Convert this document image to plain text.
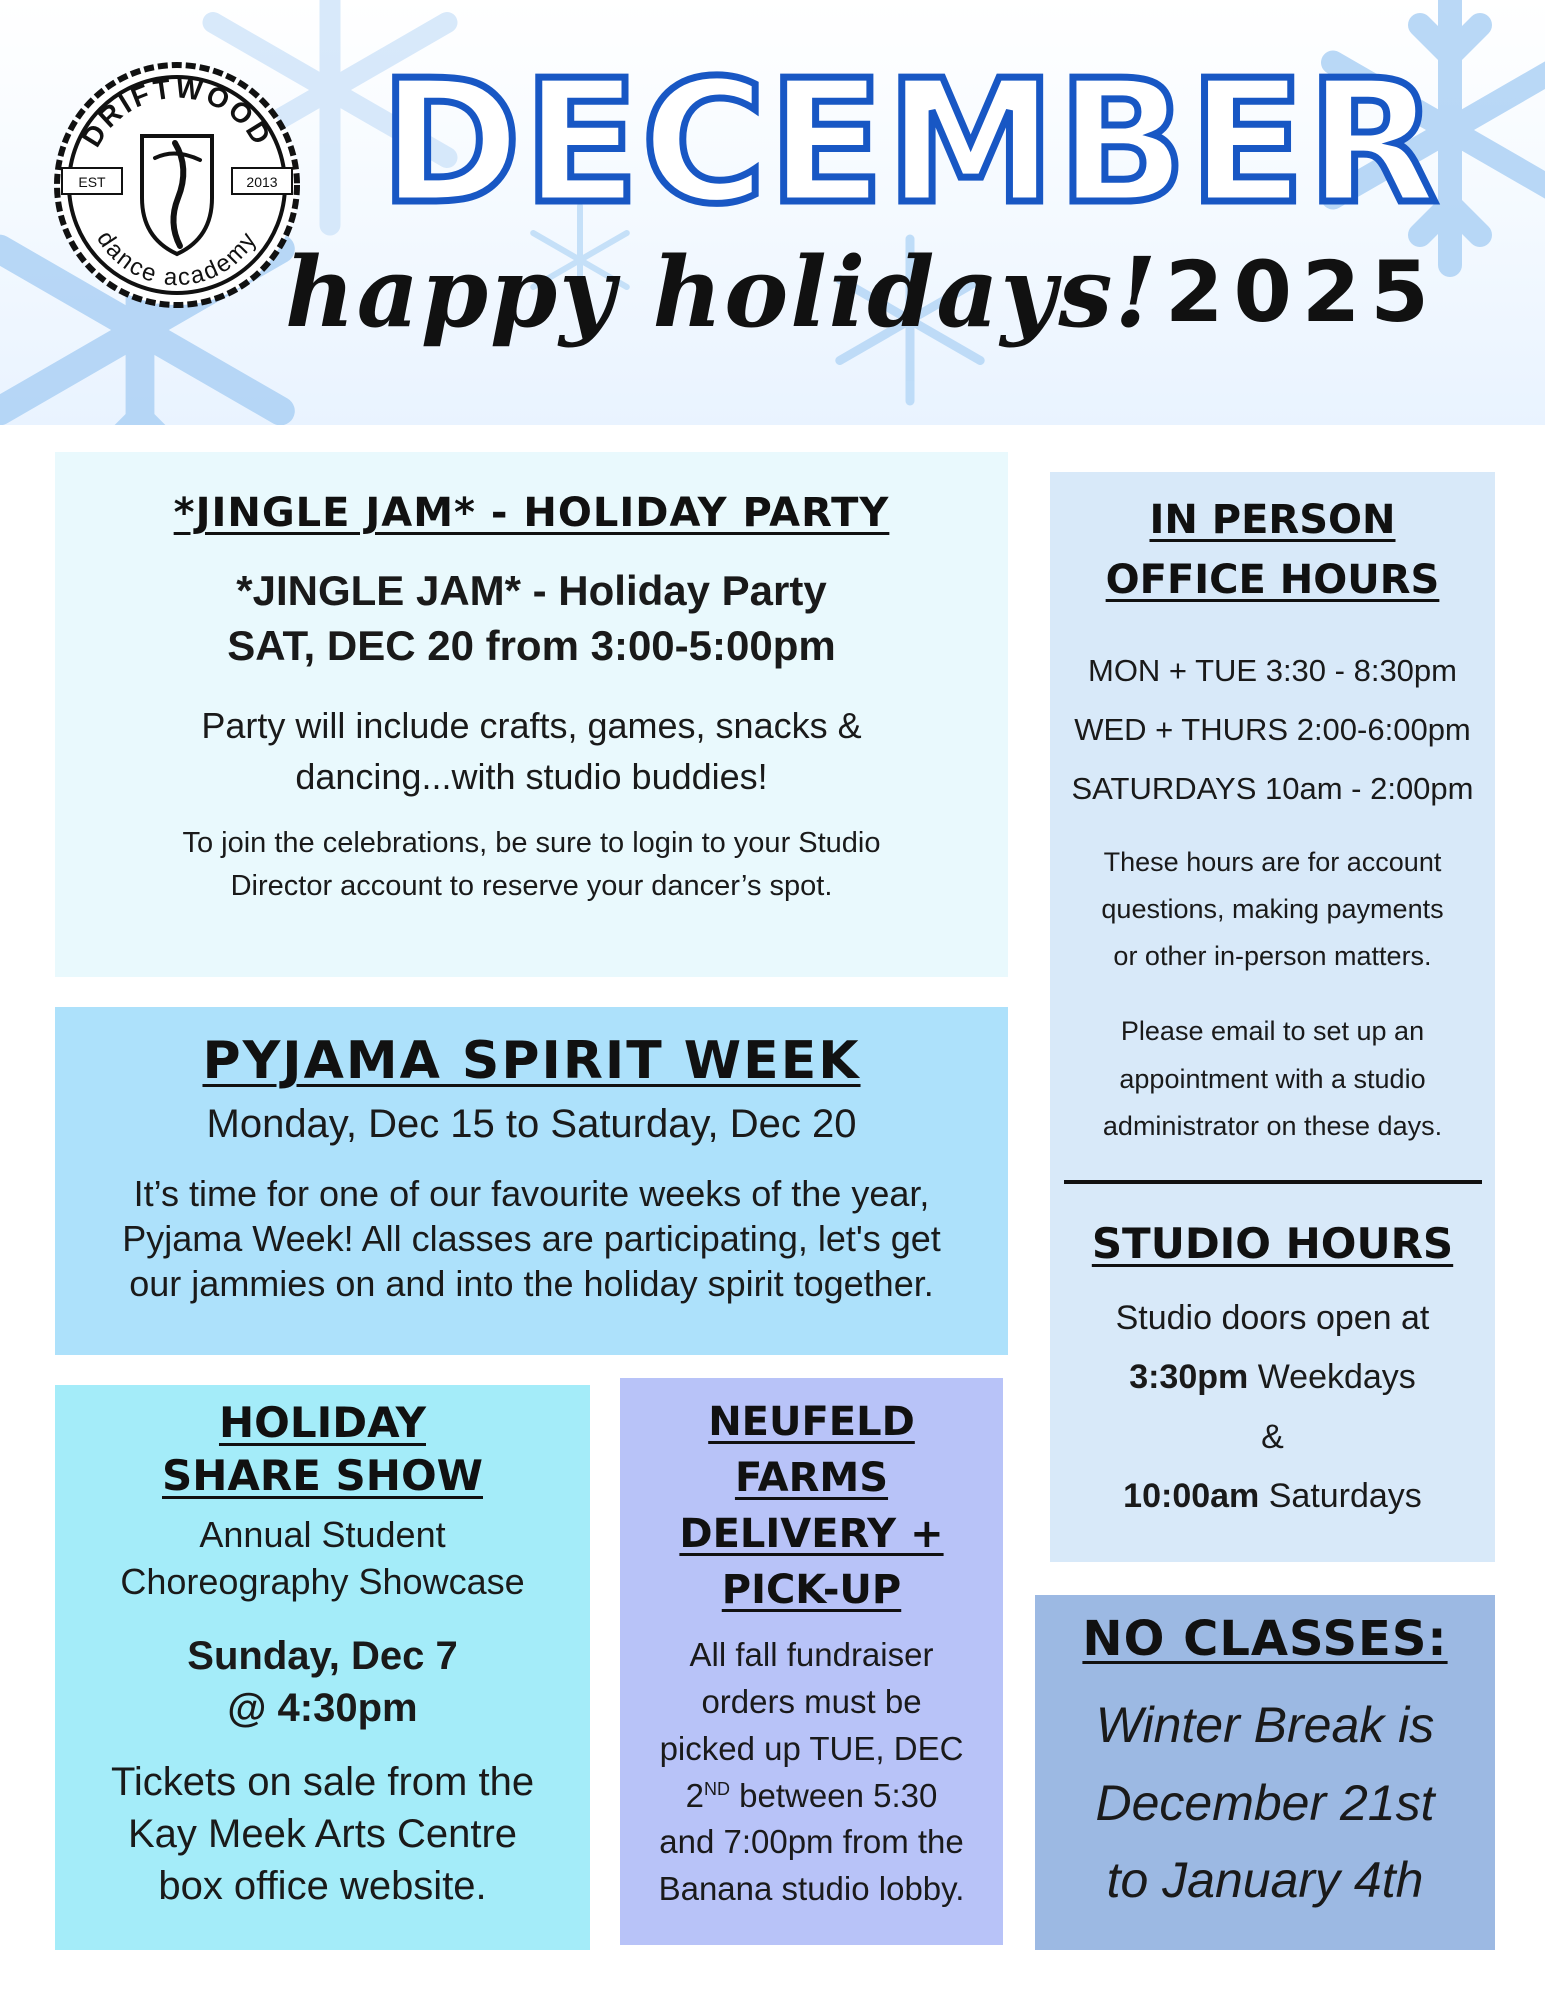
DRIFTWOOD
dance academy
EST	2013 DECEMBER
happy holidays! 2025
*JINGLE JAM* - HOLIDAY PARTY
*JINGLE JAM* - Holiday Party
SAT, DEC 20 from 3:00-5:00pm
Party will include crafts, games, snacks &
dancing...with studio buddies!
To join the celebrations, be sure to login to your Studio
Director account to reserve your dancer’s spot.
PYJAMA SPIRIT WEEK
Monday, Dec 15 to Saturday, Dec 20
It’s time for one of our favourite weeks of the year,
Pyjama Week! All classes are participating, let's get
our jammies on and into the holiday spirit together.
HOLIDAY
SHARE SHOW
Annual Student
Choreography Showcase
Sunday, Dec 7
@ 4:30pm
Tickets on sale from the
Kay Meek Arts Centre
box office website.
NEUFELD
FARMS
DELIVERY +
PICK-UP
All fall fundraiser
orders must be
picked up TUE, DEC
2ND between 5:30
and 7:00pm from the
Banana studio lobby.
IN PERSON
OFFICE HOURS
MON + TUE 3:30 - 8:30pm
WED + THURS 2:00-6:00pm
SATURDAYS 10am - 2:00pm
These hours are for account
questions, making payments
or other in-person matters.
Please email to set up an
appointment with a studio
administrator on these days.
STUDIO HOURS
Studio doors open at
3:30pm Weekdays
&
10:00am Saturdays
NO CLASSES:
Winter Break is
December 21st
to January 4th
